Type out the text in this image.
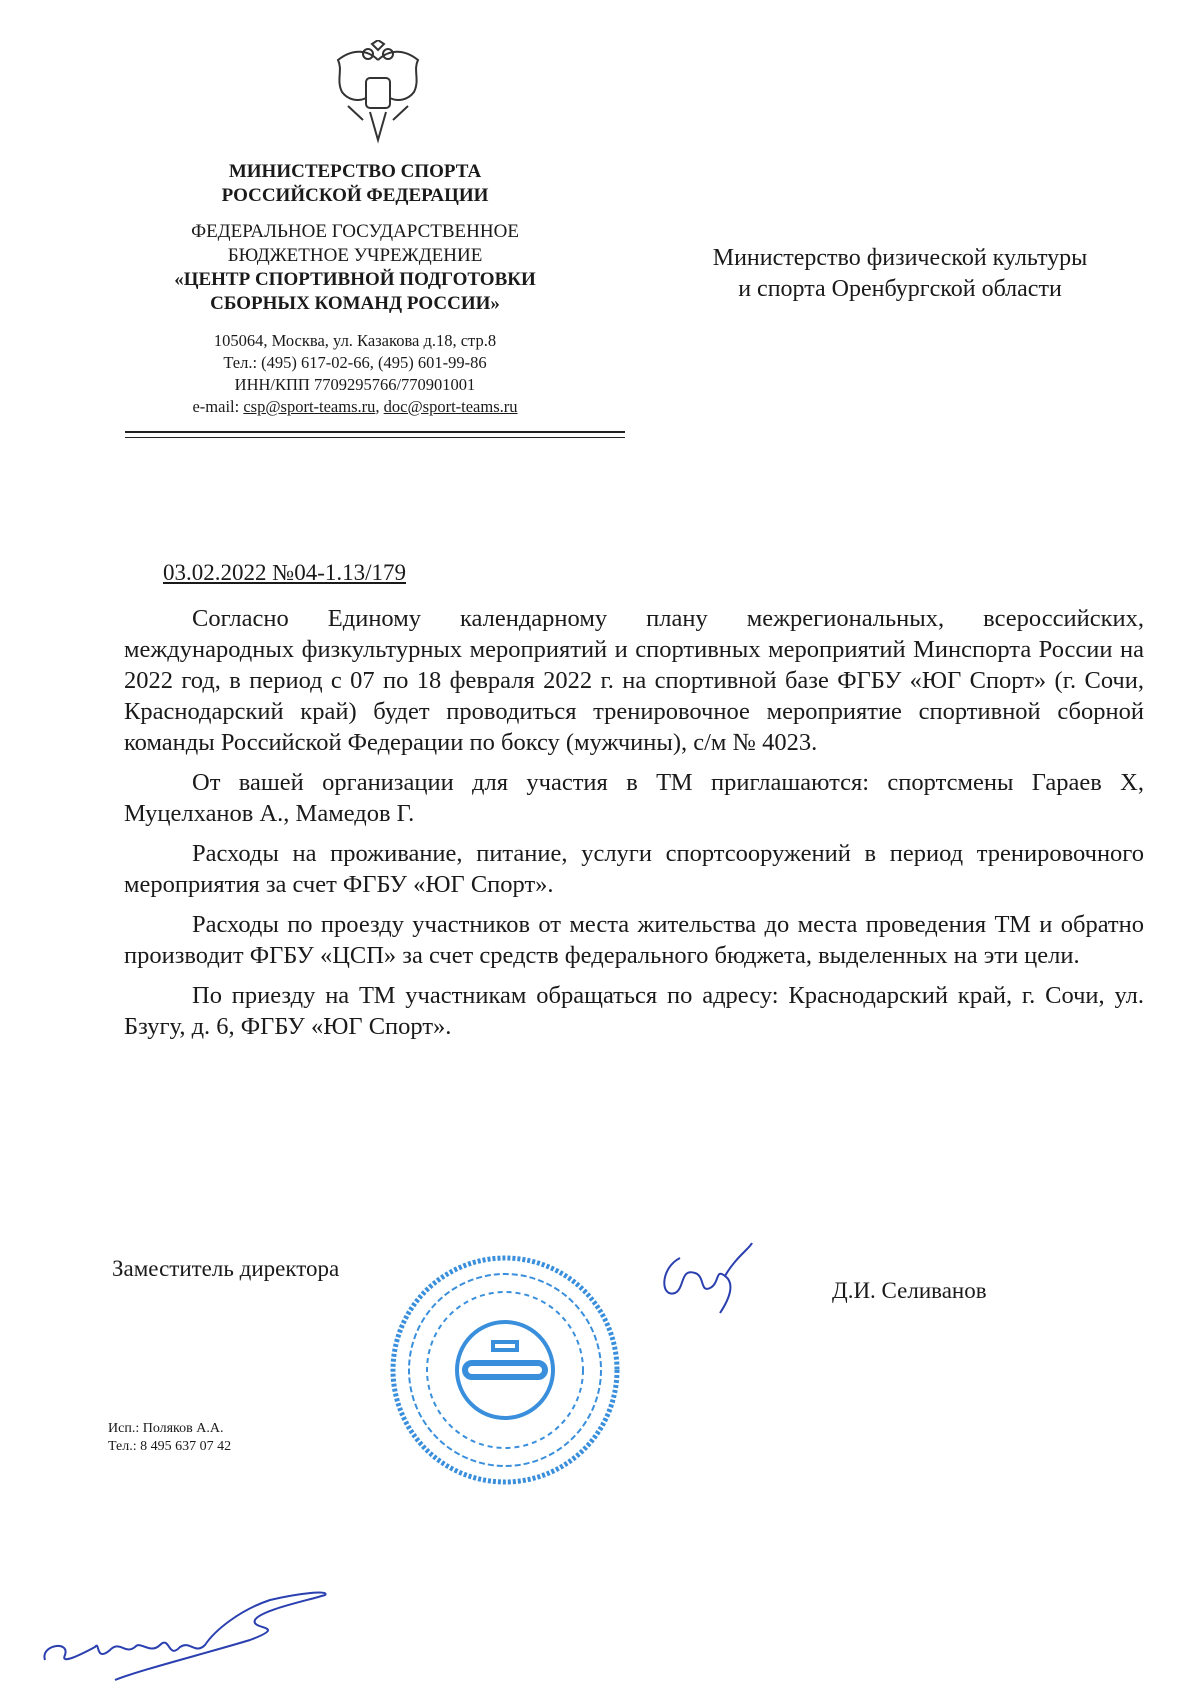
МИНИСТЕРСТВО СПОРТА
РОССИЙСКОЙ ФЕДЕРАЦИИ
ФЕДЕРАЛЬНОЕ ГОСУДАРСТВЕННОЕ
БЮДЖЕТНОЕ УЧРЕЖДЕНИЕ
«ЦЕНТР СПОРТИВНОЙ ПОДГОТОВКИ
СБОРНЫХ КОМАНД РОССИИ»
105064, Москва, ул. Казакова д.18, стр.8
Тел.: (495) 617-02-66, (495) 601-99-86
ИНН/КПП 7709295766/770901001
e-mail: csp@sport-teams.ru, doc@sport-teams.ru
Министерство физической культуры
и спорта Оренбургской области
03.02.2022 №04-1.13/179

Согласно Единому календарному плану межрегиональных, всероссийских, международных физкультурных мероприятий и спортивных мероприятий Минспорта России на 2022 год, в период с 07 по 18 февраля 2022 г. на спортивной базе ФГБУ «ЮГ Спорт» (г. Сочи, Краснодарский край) будет проводиться тренировочное мероприятие спортивной сборной команды Российской Федерации по боксу (мужчины), с/м № 4023.

От вашей организации для участия в ТМ приглашаются: спортсмены Гараев Х, Муцелханов А., Мамедов Г.

Расходы на проживание, питание, услуги спортсооружений в период тренировочного мероприятия за счет ФГБУ «ЮГ Спорт».

Расходы по проезду участников от места жительства до места проведения ТМ и обратно производит ФГБУ «ЦСП» за счет средств федерального бюджета, выделенных на эти цели.

По приезду на ТМ участникам обращаться по адресу: Краснодарский край, г. Сочи, ул. Бзугу, д. 6, ФГБУ «ЮГ Спорт».

Заместитель директора
Д.И. Селиванов
Исп.: Поляков А.А.
Тел.: 8 495 637 07 42
